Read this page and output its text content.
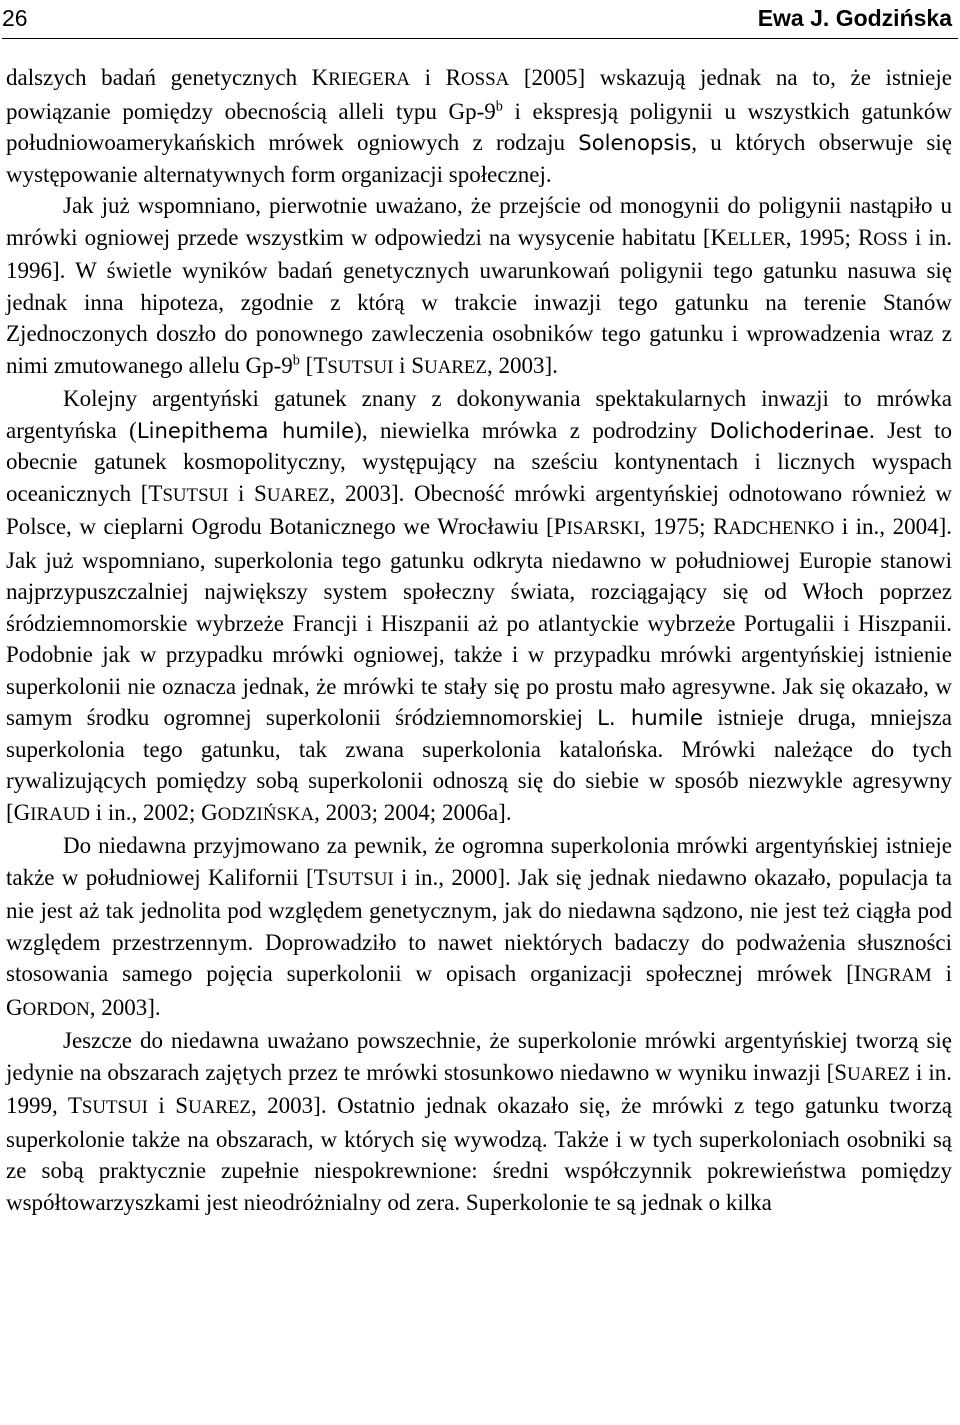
26	Ewa J. Godzińska

dalszych badań genetycznych KRIEGERA i ROSSA [2005] wskazują jednak na to, że istnieje powiązanie pomiędzy obecnością alleli typu Gp-9$^b$ i ekspresją poligynii u wszystkich gatunków południowoamerykańskich mrówek ogniowych z rodzaju Solenopsis, u których obserwuje się występowanie alternatywnych form organizacji społecznej.

Jak już wspomniano, pierwotnie uważano, że przejście od monogynii do poligynii nastąpiło u mrówki ogniowej przede wszystkim w odpowiedzi na wysycenie habitatu [KELLER, 1995; ROSS i in. 1996]. W świetle wyników badań genetycznych uwarunkowań poligynii tego gatunku nasuwa się jednak inna hipoteza, zgodnie z którą w trakcie inwazji tego gatunku na terenie Stanów Zjednoczonych doszło do ponownego zawleczenia osobników tego gatunku i wprowadzenia wraz z nimi zmutowanego allelu Gp-9$^b$ [TSUTSUI i SUAREZ, 2003].

Kolejny argentyński gatunek znany z dokonywania spektakularnych inwazji to mrówka argentyńska (Linepithema humile), niewielka mrówka z podrodziny Dolichoderinae. Jest to obecnie gatunek kosmopolityczny, występujący na sześciu kontynentach i licznych wyspach oceanicznych [TSUTSUI i SUAREZ, 2003]. Obecność mrówki argentyńskiej odnotowano również w Polsce, w cieplarni Ogrodu Botanicznego we Wrocławiu [PISARSKI, 1975; RADCHENKO i in., 2004]. Jak już wspomniano, superkolonia tego gatunku odkryta niedawno w południowej Europie stanowi najprzypuszczalniej największy system społeczny świata, rozciągający się od Włoch poprzez śródziemnomorskie wybrzeże Francji i Hiszpanii aż po atlantyckie wybrzeże Portugalii i Hiszpanii. Podobnie jak w przypadku mrówki ogniowej, także i w przypadku mrówki argentyńskiej istnienie superkolonii nie oznacza jednak, że mrówki te stały się po prostu mało agresywne. Jak się okazało, w samym środku ogromnej superkolonii śródziemnomorskiej L. humile istnieje druga, mniejsza superkolonia tego gatunku, tak zwana superkolonia katalońska. Mrówki należące do tych rywalizujących pomiędzy sobą superkolonii odnoszą się do siebie w sposób niezwykle agresywny [GIRAUD i in., 2002; GODZIŃSKA, 2003; 2004; 2006a].

Do niedawna przyjmowano za pewnik, że ogromna superkolonia mrówki argentyńskiej istnieje także w południowej Kalifornii [TSUTSUI i in., 2000]. Jak się jednak niedawno okazało, populacja ta nie jest aż tak jednolita pod względem genetycznym, jak do niedawna sądzono, nie jest też ciągła pod względem przestrzennym. Doprowadziło to nawet niektórych badaczy do podważenia słuszności stosowania samego pojęcia superkolonii w opisach organizacji społecznej mrówek [INGRAM i GORDON, 2003].

Jeszcze do niedawna uważano powszechnie, że superkolonie mrówki argentyńskiej tworzą się jedynie na obszarach zajętych przez te mrówki stosunkowo niedawno w wyniku inwazji [SUAREZ i in. 1999, TSUTSUI i SUAREZ, 2003]. Ostatnio jednak okazało się, że mrówki z tego gatunku tworzą superkolonie także na obszarach, w których się wywodzą. Także i w tych superkoloniach osobniki są ze sobą praktycznie zupełnie niespokrewnione: średni współczynnik pokrewieństwa pomiędzy współtowarzyszkami jest nieodróżnialny od zera. Superkolonie te są jednak o kilka
